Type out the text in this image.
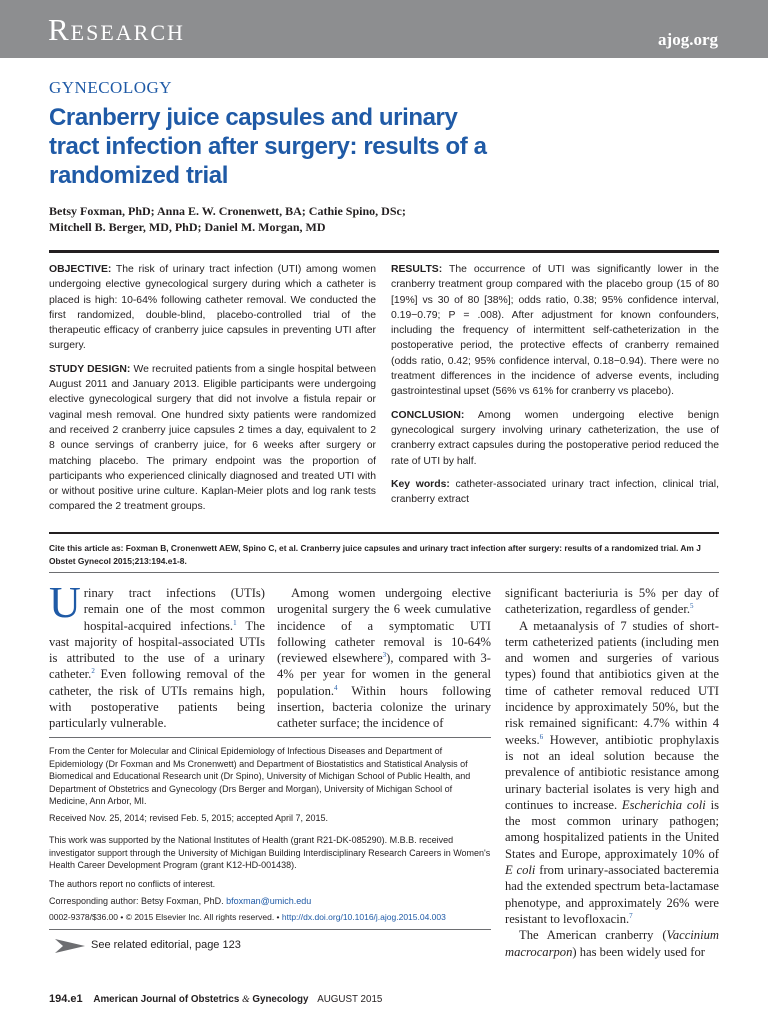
Research	ajog.org
GYNECOLOGY
Cranberry juice capsules and urinary tract infection after surgery: results of a randomized trial
Betsy Foxman, PhD; Anna E. W. Cronenwett, BA; Cathie Spino, DSc;
Mitchell B. Berger, MD, PhD; Daniel M. Morgan, MD

OBJECTIVE: The risk of urinary tract infection (UTI) among women undergoing elective gynecological surgery during which a catheter is placed is high: 10-64% following catheter removal. We conducted the first randomized, double-blind, placebo-controlled trial of the therapeutic efficacy of cranberry juice capsules in preventing UTI after surgery.

STUDY DESIGN: We recruited patients from a single hospital between August 2011 and January 2013. Eligible participants were undergoing elective gynecological surgery that did not involve a fistula repair or vaginal mesh removal. One hundred sixty patients were randomized and received 2 cranberry juice capsules 2 times a day, equivalent to 2 8 ounce servings of cranberry juice, for 6 weeks after surgery or matching placebo. The primary endpoint was the proportion of participants who experienced clinically diagnosed and treated UTI with or without positive urine culture. Kaplan-Meier plots and log rank tests compared the 2 treatment groups.

RESULTS: The occurrence of UTI was significantly lower in the cranberry treatment group compared with the placebo group (15 of 80 [19%] vs 30 of 80 [38%]; odds ratio, 0.38; 95% confidence interval, 0.19−0.79; P = .008). After adjustment for known confounders, including the frequency of intermittent self-catheterization in the postoperative period, the protective effects of cranberry remained (odds ratio, 0.42; 95% confidence interval, 0.18−0.94). There were no treatment differences in the incidence of adverse events, including gastrointestinal upset (56% vs 61% for cranberry vs placebo).

CONCLUSION: Among women undergoing elective benign gynecological surgery involving urinary catheterization, the use of cranberry extract capsules during the postoperative period reduced the rate of UTI by half.

Key words: catheter-associated urinary tract infection, clinical trial, cranberry extract

Cite this article as: Foxman B, Cronenwett AEW, Spino C, et al. Cranberry juice capsules and urinary tract infection after surgery: results of a randomized trial. Am J Obstet Gynecol 2015;213:194.e1-8.

Urinary tract infections (UTIs) remain one of the most common hospital-acquired infections.$^1$ The vast majority of hospital-associated UTIs is attributed to the use of a urinary catheter.$^2$ Even following removal of the catheter, the risk of UTIs remains high, with postoperative patients being particularly vulnerable.

Among women undergoing elective urogenital surgery the 6 week cumulative incidence of a symptomatic UTI following catheter removal is 10-64% (reviewed elsewhere$^3$), compared with 3-4% per year for women in the general population.$^4$ Within hours following insertion, bacteria colonize the urinary catheter surface; the incidence of

significant bacteriuria is 5% per day of catheterization, regardless of gender.$^5$

A metaanalysis of 7 studies of short-term catheterized patients (including men and women and surgeries of various types) found that antibiotics given at the time of catheter removal reduced UTI incidence by approximately 50%, but the risk remained significant: 4.7% within 4 weeks.$^6$ However, antibiotic prophylaxis is not an ideal solution because the prevalence of antibiotic resistance among urinary bacterial isolates is very high and continues to increase. Escherichia coli is the most common urinary pathogen; among hospitalized patients in the United States and Europe, approximately 10% of E coli from urinary-associated bacteremia had the extended spectrum beta-lactamase phenotype, and approximately 26% were resistant to levofloxacin.$^7$

The American cranberry (Vaccinium macrocarpon) has been widely used for

From the Center for Molecular and Clinical Epidemiology of Infectious Diseases and Department of Epidemiology (Dr Foxman and Ms Cronenwett) and Department of Biostatistics and Statistical Analysis of Biomedical and Educational Research unit (Dr Spino), University of Michigan School of Public Health, and Department of Obstetrics and Gynecology (Drs Berger and Morgan), University of Michigan School of Medicine, Ann Arbor, MI.
Received Nov. 25, 2014; revised Feb. 5, 2015; accepted April 7, 2015.
This work was supported by the National Institutes of Health (grant R21-DK-085290). M.B.B. received investigator support through the University of Michigan Building Interdisciplinary Research Careers in Women's Health Career Development Program (grant K12-HD-001438).
The authors report no conflicts of interest.
Corresponding author: Betsy Foxman, PhD. bfoxman@umich.edu
0002-9378/$36.00 • © 2015 Elsevier Inc. All rights reserved. • http://dx.doi.org/10.1016/j.ajog.2015.04.003
See related editorial, page 123
194.e1 American Journal of Obstetrics & Gynecology AUGUST 2015
